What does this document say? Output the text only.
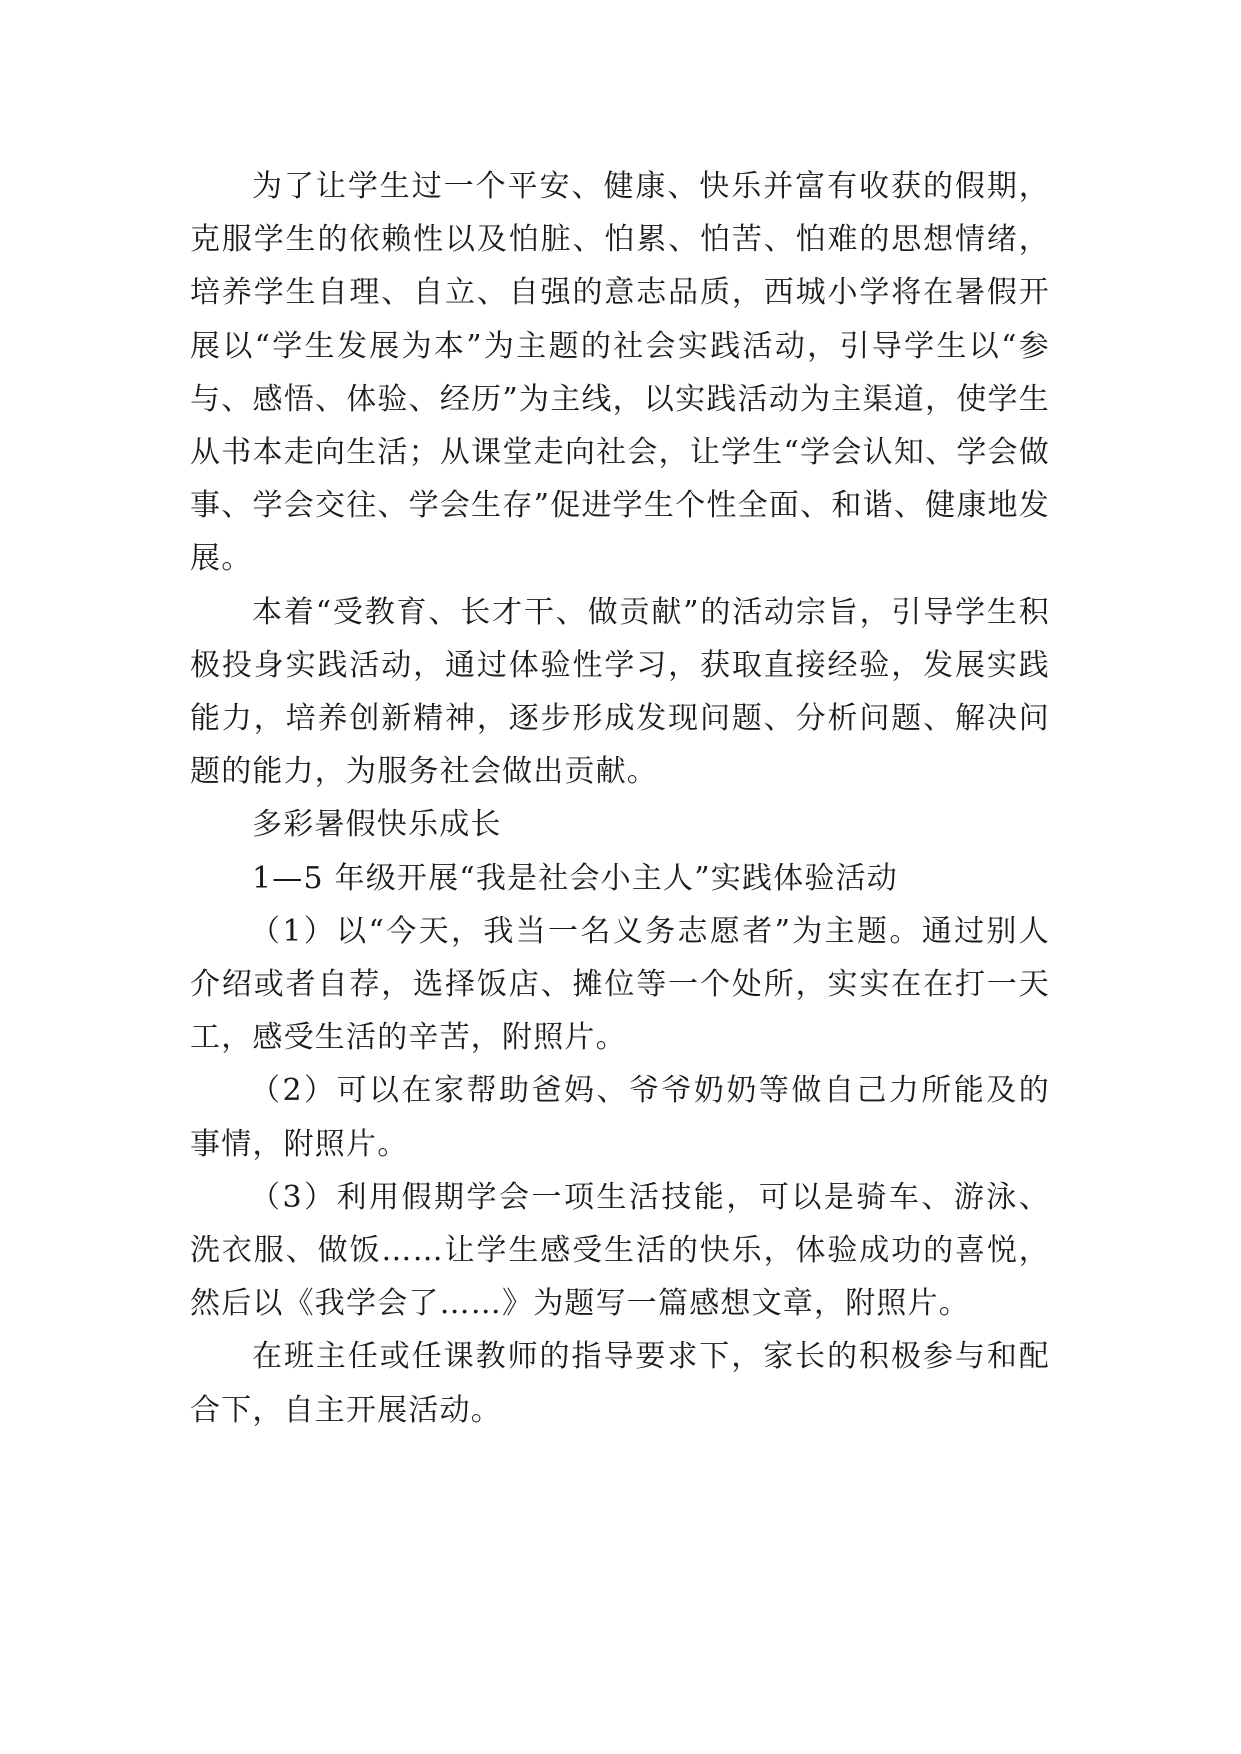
为了让学生过一个平安、健康、快乐并富有收获的假期，克服学生的依赖性以及怕脏、怕累、怕苦、怕难的思想情绪，培养学生自理、自立、自强的意志品质，西城小学将在暑假开展以“学生发展为本”为主题的社会实践活动，引导学生以“参与、感悟、体验、经历”为主线，以实践活动为主渠道，使学生从书本走向生活；从课堂走向社会，让学生“学会认知、学会做事、学会交往、学会生存”促进学生个性全面、和谐、健康地发展。

本着“受教育、长才干、做贡献”的活动宗旨，引导学生积极投身实践活动，通过体验性学习，获取直接经验，发展实践能力，培养创新精神，逐步形成发现问题、分析问题、解决问题的能力，为服务社会做出贡献。

多彩暑假快乐成长

1—5 年级开展“我是社会小主人”实践体验活动

（1）以“今天，我当一名义务志愿者”为主题。通过别人介绍或者自荐，选择饭店、摊位等一个处所，实实在在打一天工，感受生活的辛苦，附照片。

（2）可以在家帮助爸妈、爷爷奶奶等做自己力所能及的事情，附照片。

（3）利用假期学会一项生活技能，可以是骑车、游泳、洗衣服、做饭……让学生感受生活的快乐，体验成功的喜悦，然后以《我学会了……》为题写一篇感想文章，附照片。

在班主任或任课教师的指导要求下，家长的积极参与和配合下，自主开展活动。
